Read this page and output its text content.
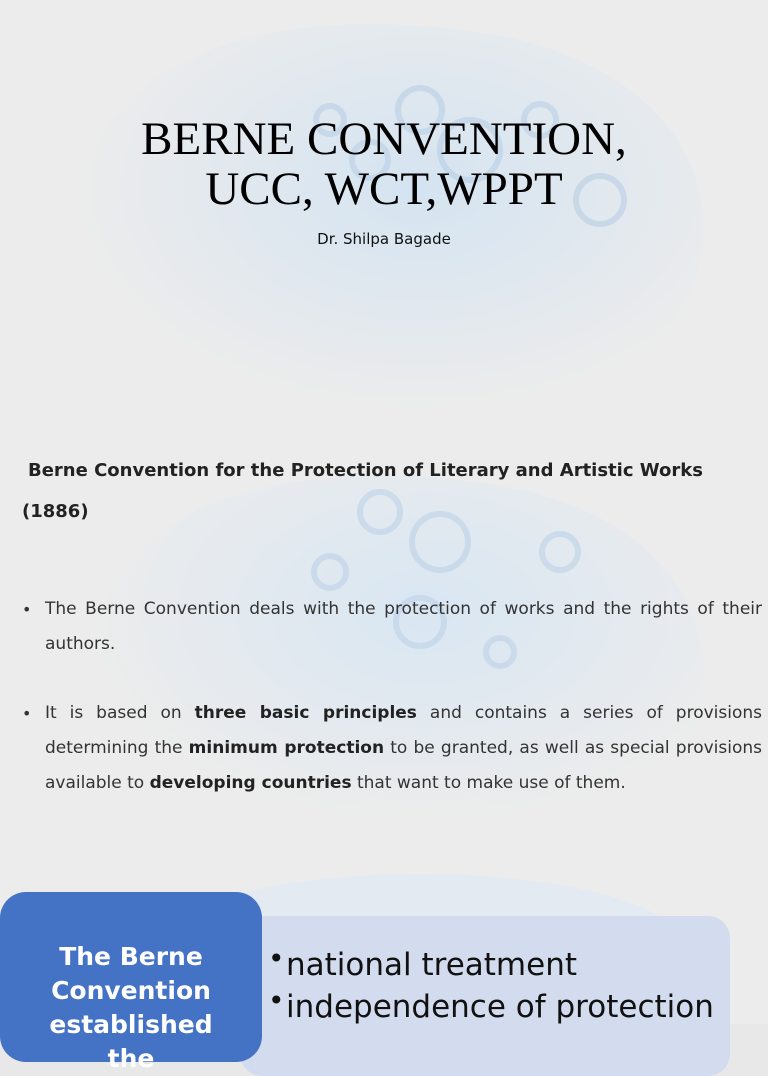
BERNE CONVENTION,
UCC, WCT,WPPT
Dr. Shilpa Bagade
Berne Convention for the Protection of Literary and Artistic Works
(1886)
• The Berne Convention deals with the protection of works and the rights of their authors.
• It is based on three basic principles and contains a series of provisions determining the minimum protection to be granted, as well as special provisions available to developing countries that want to make use of them.
• national treatment
• independence of protection
The Berne
Convention
established
the
